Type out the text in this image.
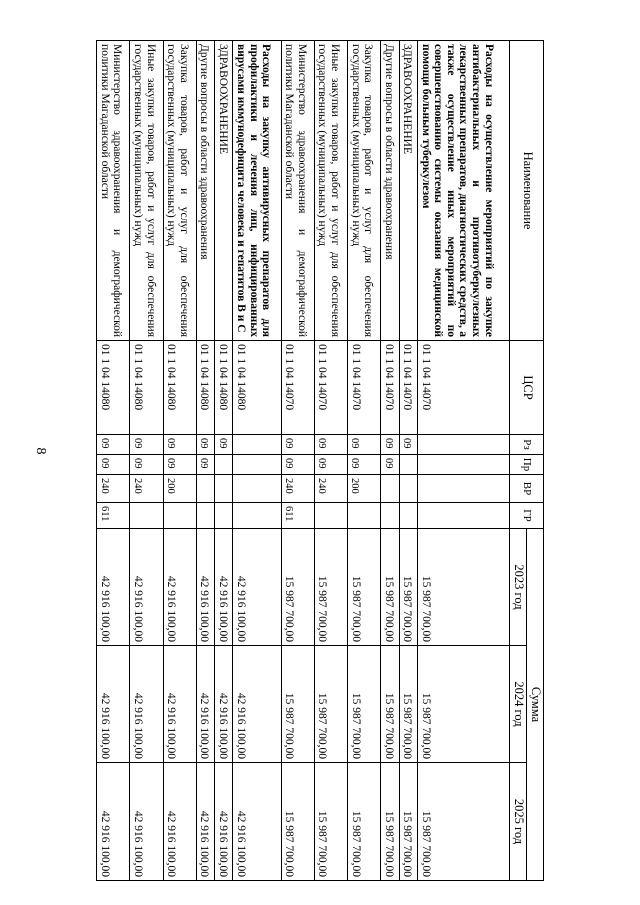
8
Наименование	ЦСР	Рз	Пр	ВР	ГР	Сумма		
						2023 год	2024 год	2025 год
Расходы на осуществление мероприятий по закупке антибактериальных и противотуберкулезных лекарственных препаратов, диагностических средств, а также осуществление иных мероприятий по совершенствованию системы оказания медицинской помощи больным туберкулезом	01 1 04 14070					15 987 700,00	15 987 700,00	15 987 700,00
ЗДРАВООХРАНЕНИЕ	01 1 04 14070	09				15 987 700,00	15 987 700,00	15 987 700,00
Другие вопросы в области здравоохранения	01 1 04 14070	09	09			15 987 700,00	15 987 700,00	15 987 700,00
Закупка товаров, работ и услуг для обеспечения государственных (муниципальных) нужд	01 1 04 14070	09	09	200		15 987 700,00	15 987 700,00	15 987 700,00
Иные закупки товаров, работ и услуг для обеспечения государственных (муниципальных) нужд	01 1 04 14070	09	09	240		15 987 700,00	15 987 700,00	15 987 700,00
Министерство здравоохранения и демографической политики Магаданской области	01 1 04 14070	09	09	240	611	15 987 700,00	15 987 700,00	15 987 700,00
Расходы на закупку антивирусных препаратов для профилактики и лечения лиц, инфицированных вирусами иммунодефицита человека и гепатитов B и C	01 1 04 14080					42 916 100,00	42 916 100,00	42 916 100,00
ЗДРАВООХРАНЕНИЕ	01 1 04 14080	09				42 916 100,00	42 916 100,00	42 916 100,00
Другие вопросы в области здравоохранения	01 1 04 14080	09	09			42 916 100,00	42 916 100,00	42 916 100,00
Закупка товаров, работ и услуг для обеспечения государственных (муниципальных) нужд	01 1 04 14080	09	09	200		42 916 100,00	42 916 100,00	42 916 100,00
Иные закупки товаров, работ и услуг для обеспечения государственных (муниципальных) нужд	01 1 04 14080	09	09	240		42 916 100,00	42 916 100,00	42 916 100,00
Министерство здравоохранения и демографической политики Магаданской области	01 1 04 14080	09	09	240	611	42 916 100,00	42 916 100,00	42 916 100,00
